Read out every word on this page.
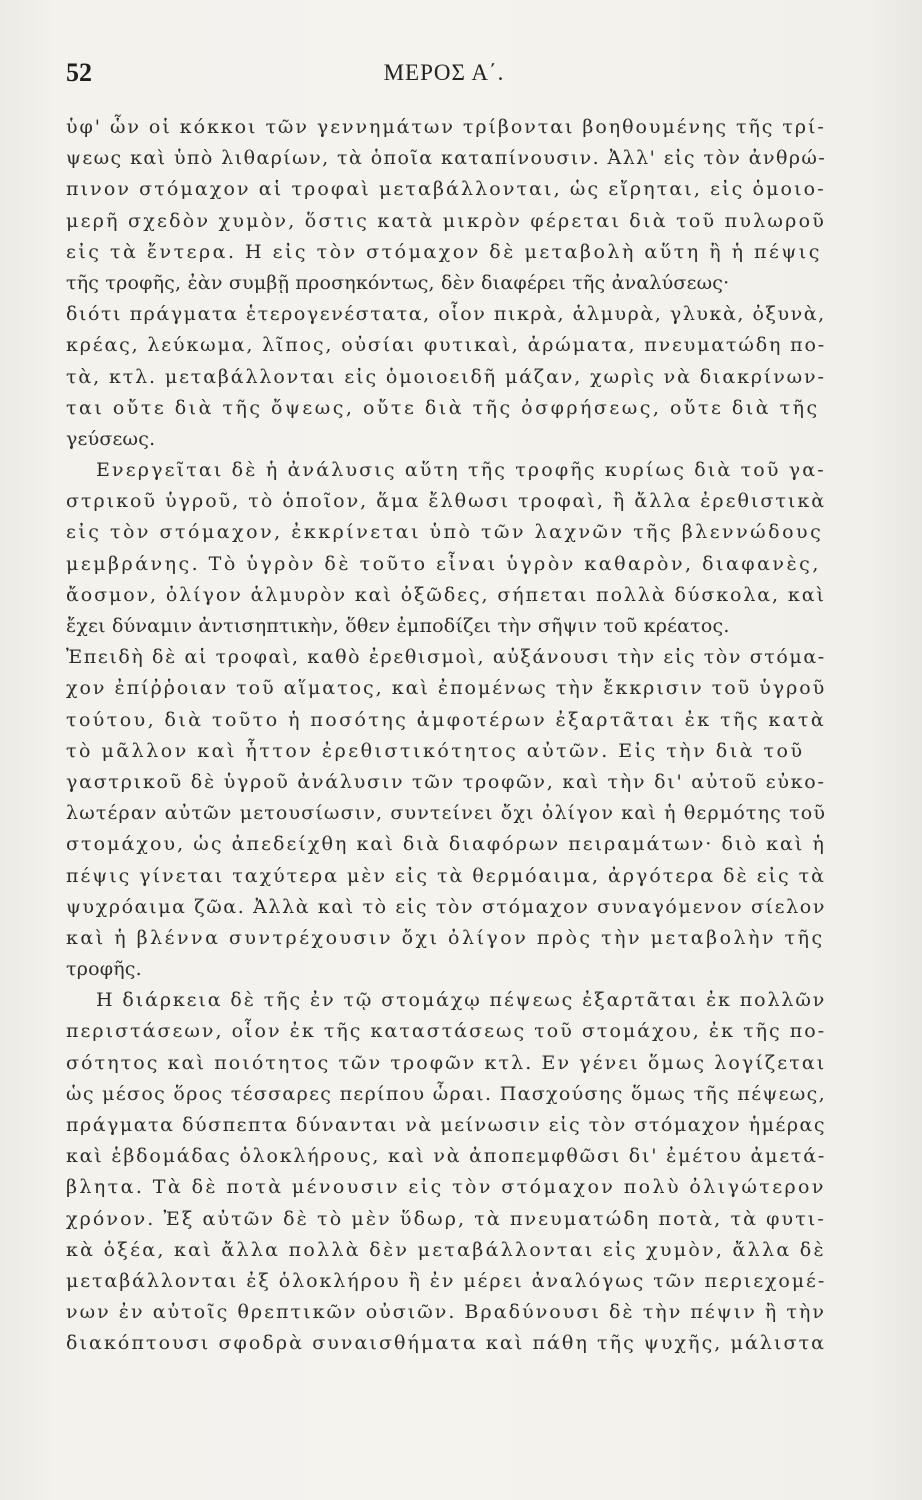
52	ΜΕΡΟΣ Α΄.
ὑφ' ὧν οἱ κόκκοι τῶν γεννημάτων τρίβονται βοηθουμένης τῆς τρί-
ψεως καὶ ὑπὸ λιθαρίων, τὰ ὁποῖα καταπίνουσιν. Ἀλλ' εἰς τὸν ἀνθρώ-
πινον στόμαχον αἱ τροφαὶ μεταβάλλονται, ὡς εἴρηται, εἰς ὁμοιο-
μερῆ σχεδὸν χυμὸν, ὅστις κατὰ μικρὸν φέρεται διὰ τοῦ πυλωροῦ
εἰς τὰ ἔντερα. Η εἰς τὸν στόμαχον δὲ μεταβολὴ αὕτη ἢ ἡ πέψις
τῆς τροφῆς, ἐὰν συμβῇ προσηκόντως, δὲν διαφέρει τῆς ἀναλύσεως·
διότι πράγματα ἑτερογενέστατα, οἷον πικρὰ, ἁλμυρὰ, γλυκὰ, ὀξυνὰ,
κρέας, λεύκωμα, λῖπος, οὐσίαι φυτικαὶ, ἀρώματα, πνευματώδη πο-
τὰ, κτλ. μεταβάλλονται εἰς ὁμοιοειδῆ μάζαν, χωρὶς νὰ διακρίνων-
ται οὔτε διὰ τῆς ὄψεως, οὔτε διὰ τῆς ὀσφρήσεως, οὔτε διὰ τῆς
γεύσεως.
Ενεργεῖται δὲ ἡ ἀνάλυσις αὕτη τῆς τροφῆς κυρίως διὰ τοῦ γα-
στρικοῦ ὑγροῦ, τὸ ὁποῖον, ἅμα ἔλθωσι τροφαὶ, ἢ ἄλλα ἐρεθιστικὰ
εἰς τὸν στόμαχον, ἐκκρίνεται ὑπὸ τῶν λαχνῶν τῆς βλεννώδους
μεμβράνης. Τὸ ὑγρὸν δὲ τοῦτο εἶναι ὑγρὸν καθαρὸν, διαφανὲς,
ἄοσμον, ὀλίγον ἁλμυρὸν καὶ ὀξῶδες, σήπεται πολλὰ δύσκολα, καὶ
ἔχει δύναμιν ἀντισηπτικὴν, ὅθεν ἐμποδίζει τὴν σῆψιν τοῦ κρέατος.
Ἐπειδὴ δὲ αἱ τροφαὶ, καθὸ ἐρεθισμοὶ, αὐξάνουσι τὴν εἰς τὸν στόμα-
χον ἐπίῤῥοιαν τοῦ αἵματος, καὶ ἐπομένως τὴν ἔκκρισιν τοῦ ὑγροῦ
τούτου, διὰ τοῦτο ἡ ποσότης ἀμφοτέρων ἐξαρτᾶται ἐκ τῆς κατὰ
τὸ μᾶλλον καὶ ἧττον ἐρεθιστικότητος αὐτῶν. Εἰς τὴν διὰ τοῦ
γαστρικοῦ δὲ ὑγροῦ ἀνάλυσιν τῶν τροφῶν, καὶ τὴν δι' αὐτοῦ εὐκο-
λωτέραν αὐτῶν μετουσίωσιν, συντείνει ὄχι ὀλίγον καὶ ἡ θερμότης τοῦ
στομάχου, ὡς ἀπεδείχθη καὶ διὰ διαφόρων πειραμάτων· διὸ καὶ ἡ
πέψις γίνεται ταχύτερα μὲν εἰς τὰ θερμόαιμα, ἀργότερα δὲ εἰς τὰ
ψυχρόαιμα ζῶα. Ἀλλὰ καὶ τὸ εἰς τὸν στόμαχον συναγόμενον σίελον
καὶ ἡ βλέννα συντρέχουσιν ὄχι ὀλίγον πρὸς τὴν μεταβολὴν τῆς
τροφῆς.
Η διάρκεια δὲ τῆς ἐν τῷ στομάχῳ πέψεως ἐξαρτᾶται ἐκ πολλῶν
περιστάσεων, οἷον ἐκ τῆς καταστάσεως τοῦ στομάχου, ἐκ τῆς πο-
σότητος καὶ ποιότητος τῶν τροφῶν κτλ. Εν γένει ὅμως λογίζεται
ὡς μέσος ὅρος τέσσαρες περίπου ὧραι. Πασχούσης ὅμως τῆς πέψεως,
πράγματα δύσπεπτα δύνανται νὰ μείνωσιν εἰς τὸν στόμαχον ἡμέρας
καὶ ἑβδομάδας ὁλοκλήρους, καὶ νὰ ἀποπεμφθῶσι δι' ἐμέτου ἀμετά-
βλητα. Τὰ δὲ ποτὰ μένουσιν εἰς τὸν στόμαχον πολὺ ὀλιγώτερον
χρόνον. Ἐξ αὐτῶν δὲ τὸ μὲν ὕδωρ, τὰ πνευματώδη ποτὰ, τὰ φυτι-
κὰ ὀξέα, καὶ ἄλλα πολλὰ δὲν μεταβάλλονται εἰς χυμὸν, ἄλλα δὲ
μεταβάλλονται ἐξ ὁλοκλήρου ἢ ἐν μέρει ἀναλόγως τῶν περιεχομέ-
νων ἐν αὐτοῖς θρεπτικῶν οὐσιῶν. Βραδύνουσι δὲ τὴν πέψιν ἢ τὴν
διακόπτουσι σφοδρὰ συναισθήματα καὶ πάθη τῆς ψυχῆς, μάλιστα
